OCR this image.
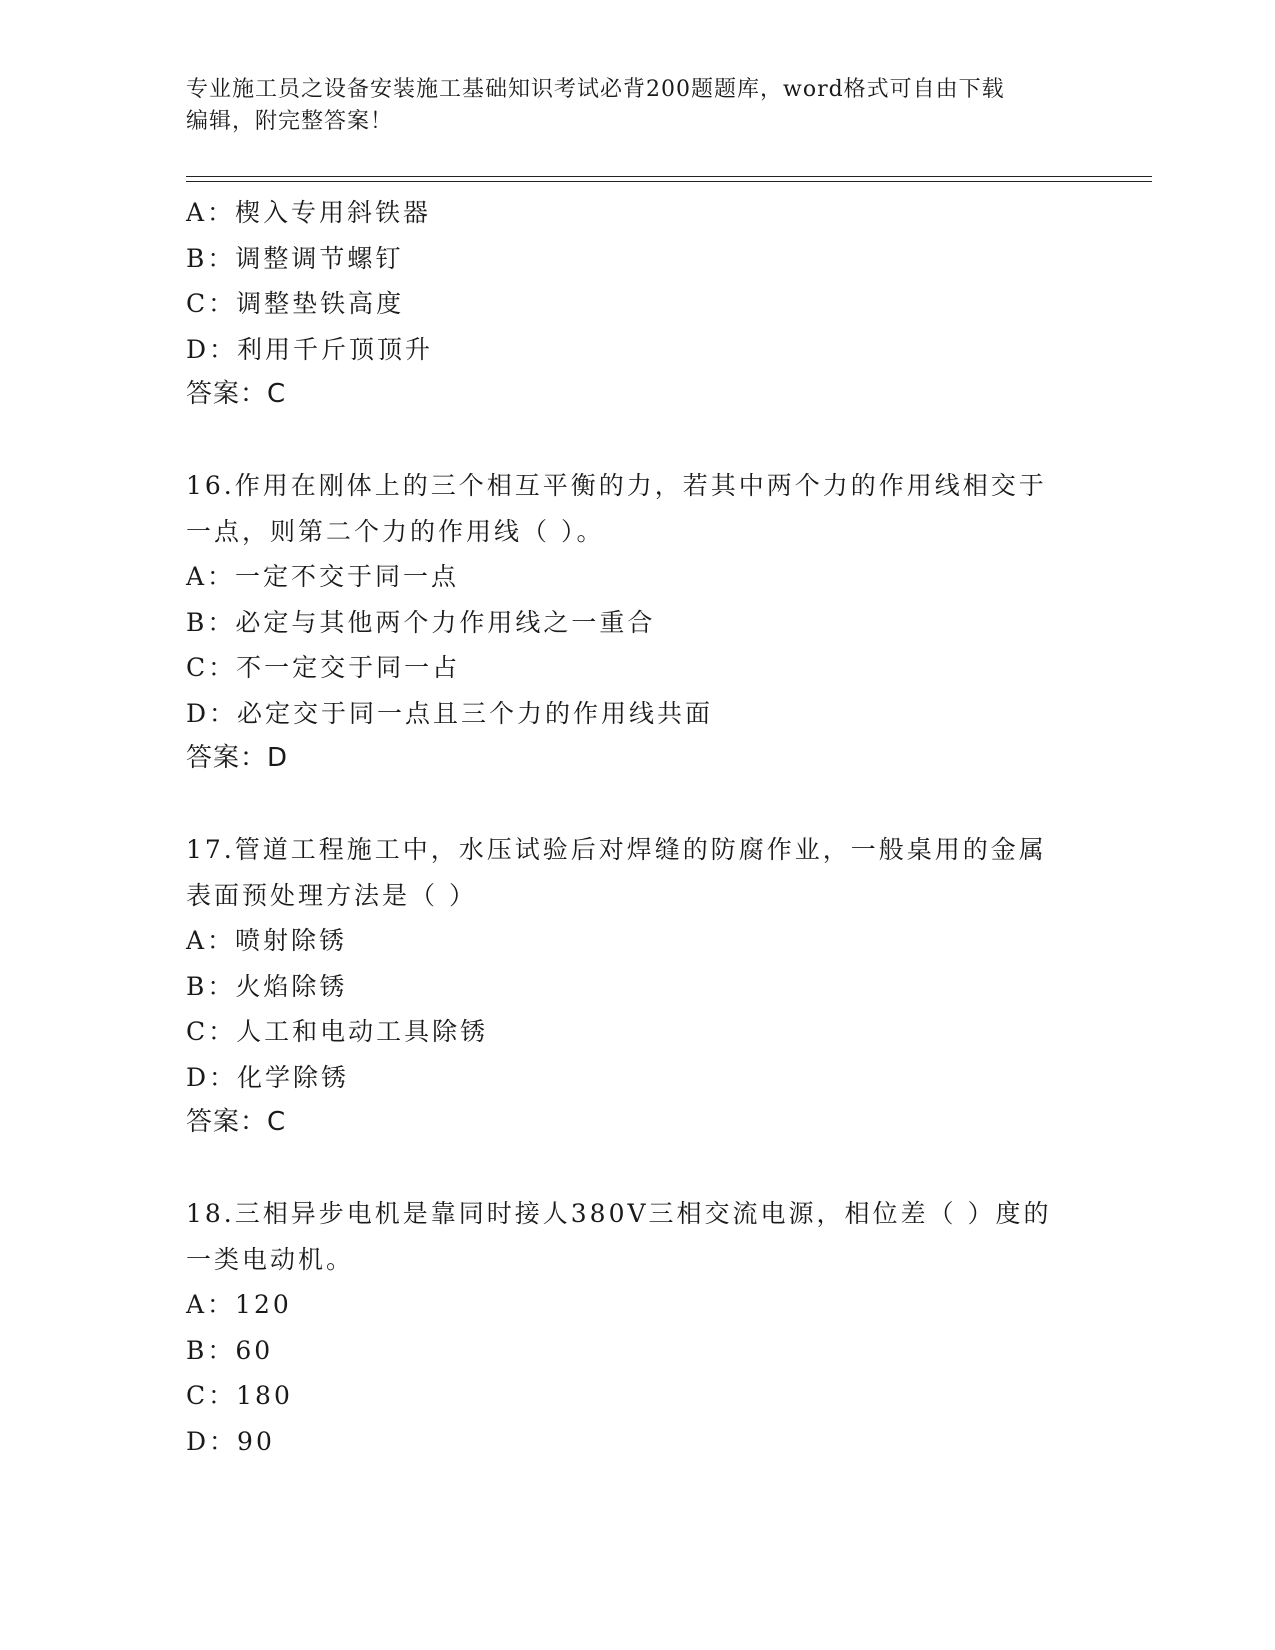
专业施工员之设备安装施工基础知识考试必背200题题库，word格式可自由下载
编辑，附完整答案！
A：楔入专用斜铁器
B：调整调节螺钉
C：调整垫铁高度
D：利用千斤顶顶升
答案：C
16.作用在刚体上的三个相互平衡的力，若其中两个力的作用线相交于
一点，则第二个力的作用线（ ）。
A：一定不交于同一点
B：必定与其他两个力作用线之一重合
C：不一定交于同一占
D：必定交于同一点且三个力的作用线共面
答案：D
17.管道工程施工中，水压试验后对焊缝的防腐作业，一般桌用的金属
表面预处理方法是（ ）
A：喷射除锈
B：火焰除锈
C：人工和电动工具除锈
D：化学除锈
答案：C
18.三相异步电机是靠同时接人380V三相交流电源，相位差（ ）度的
一类电动机。
A：120
B：60
C：180
D：90
